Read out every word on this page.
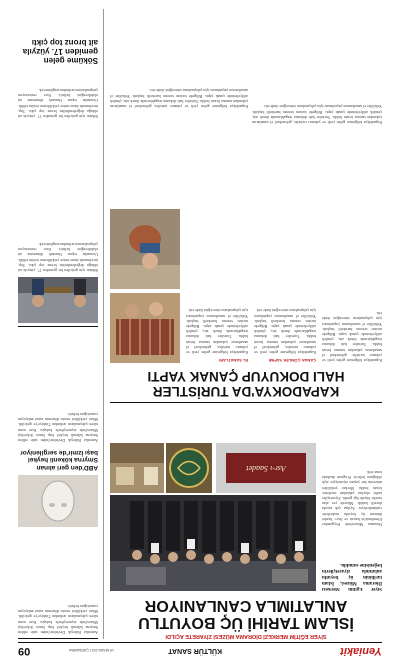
Yeniakit
KÜLTÜR SANAT
19 NİSAN 2017 ÇARŞAMBA
09
SİYER EĞİTİM MERKEZİ DİORAMA MÜZESİ ZİYARETE AÇILDI
İSLAM TARİHİ ÜÇ BOYUTLU
ANLATIMLA CANLANIYOR
Siyer Eğitim Merkezi Diorama Müzesi, İslam tarihinin üç boyutlu anlatımla ziyaretçilerin beğenisine sunuldu.
Asr-ı Saadet
Diorama Müzesi'nde Peygamber Efendimiz'in hayatı ve Asr-ı Saadet dönemi üç boyutlu maketlerle canlandırılıyor. Açılışa çok sayıda davetli katıldı. Müzede yer alan eserler büyük ilgi gördü. Ziyaretçiler tarihi olayları yakından inceleme fırsatı buldu. Merkez yetkilileri müzenin her yaştan ziyaretçiye açık olduğunu belirtti. Program dualarla sona erdi.
KAPADOKYA'DA TURİSTLER
HALI DOKUYUP ÇANAK YAPTI
Kapadokya bölgesine gelen yerli ve yabancı turistler, geleneksel el sanatlarını yakından tanıma fırsatı buldu. Turistler halı dokuma tezgahlarında ilmek attı, çömlek atölyelerinde çanak yaptı. Bölgede turizm sezonu hareketli başladı. Yetkililer el sanatlarının yaşatılması için çalışmaların süreceğini ifade etti.
ÇANAK ÇÖMLEK YAPIMI
Kapadokya bölgesine gelen yerli ve yabancı turistler, geleneksel el sanatlarını yakından tanıma fırsatı buldu. Turistler halı dokuma tezgahlarında ilmek attı, çömlek atölyelerinde çanak yaptı. Bölgede turizm sezonu hareketli başladı. Yetkililer el sanatlarının yaşatılması için çalışmaların süreceğini ifade etti.
EL SANATLARI
Kapadokya bölgesine gelen yerli ve yabancı turistler, geleneksel el sanatlarını yakından tanıma fırsatı buldu. Turistler halı dokuma tezgahlarında ilmek attı, çömlek atölyelerinde çanak yaptı. Bölgede turizm sezonu hareketli başladı. Yetkililer el sanatlarının yaşatılması için çalışmaların süreceğini ifade etti.
Amerika Birleşik Devletleri'nden iade edilen Smyrna kökenli heykel başı İzmir Arkeoloji Müzesi'nde ziyaretçilerle buluştu. Eser uzun süren çalışmaların ardından Türkiye'ye getirildi. Müze yetkilileri eserin dönemin sanat anlayışını yansıttığını belirtti.
ABD'den geri alınan
Smyrna kökenli heykel
başı İzmir'de sergileniyor
Amerika Birleşik Devletleri'nden iade edilen Smyrna kökenli heykel başı İzmir Arkeoloji Müzesi'nde ziyaretçilerle buluştu. Eser uzun süren çalışmaların ardından Türkiye'ye getirildi. Müze yetkilileri eserin dönemin sanat anlayışını yansıttığını belirtti.
Söküm için getirilen bir gemiden 17. yüzyıla ait olduğu değerlendirilen bronz top çıktı. Top, incelenmek üzere müze yetkililerine teslim edildi. Uzmanlar topun Osmanlı dönemine ait olabileceğini belirtti. Eser restorasyon çalışmalarının ardından sergilenecek.
Söküme gelen
gemiden 17. yüzyıla
ait bronz top çıktı
Kapadokya bölgesine gelen yerli ve yabancı turistler, geleneksel el sanatlarını yakından tanıma fırsatı buldu. Turistler halı dokuma tezgahlarında ilmek attı, çömlek atölyelerinde çanak yaptı. Bölgede turizm sezonu hareketli başladı. Yetkililer el sanatlarının yaşatılması için çalışmaların süreceğini ifade etti.
Kapadokya bölgesine gelen yerli ve yabancı turistler, geleneksel el sanatlarını yakından tanıma fırsatı buldu. Turistler halı dokuma tezgahlarında ilmek attı, çömlek atölyelerinde çanak yaptı. Bölgede turizm sezonu hareketli başladı. Yetkililer el sanatlarının yaşatılması için çalışmaların süreceğini ifade etti.
Söküm için getirilen bir gemiden 17. yüzyıla ait olduğu değerlendirilen bronz top çıktı. Top, incelenmek üzere müze yetkililerine teslim edildi. Uzmanlar topun Osmanlı dönemine ait olabileceğini belirtti. Eser restorasyon çalışmalarının ardından sergilenecek.
